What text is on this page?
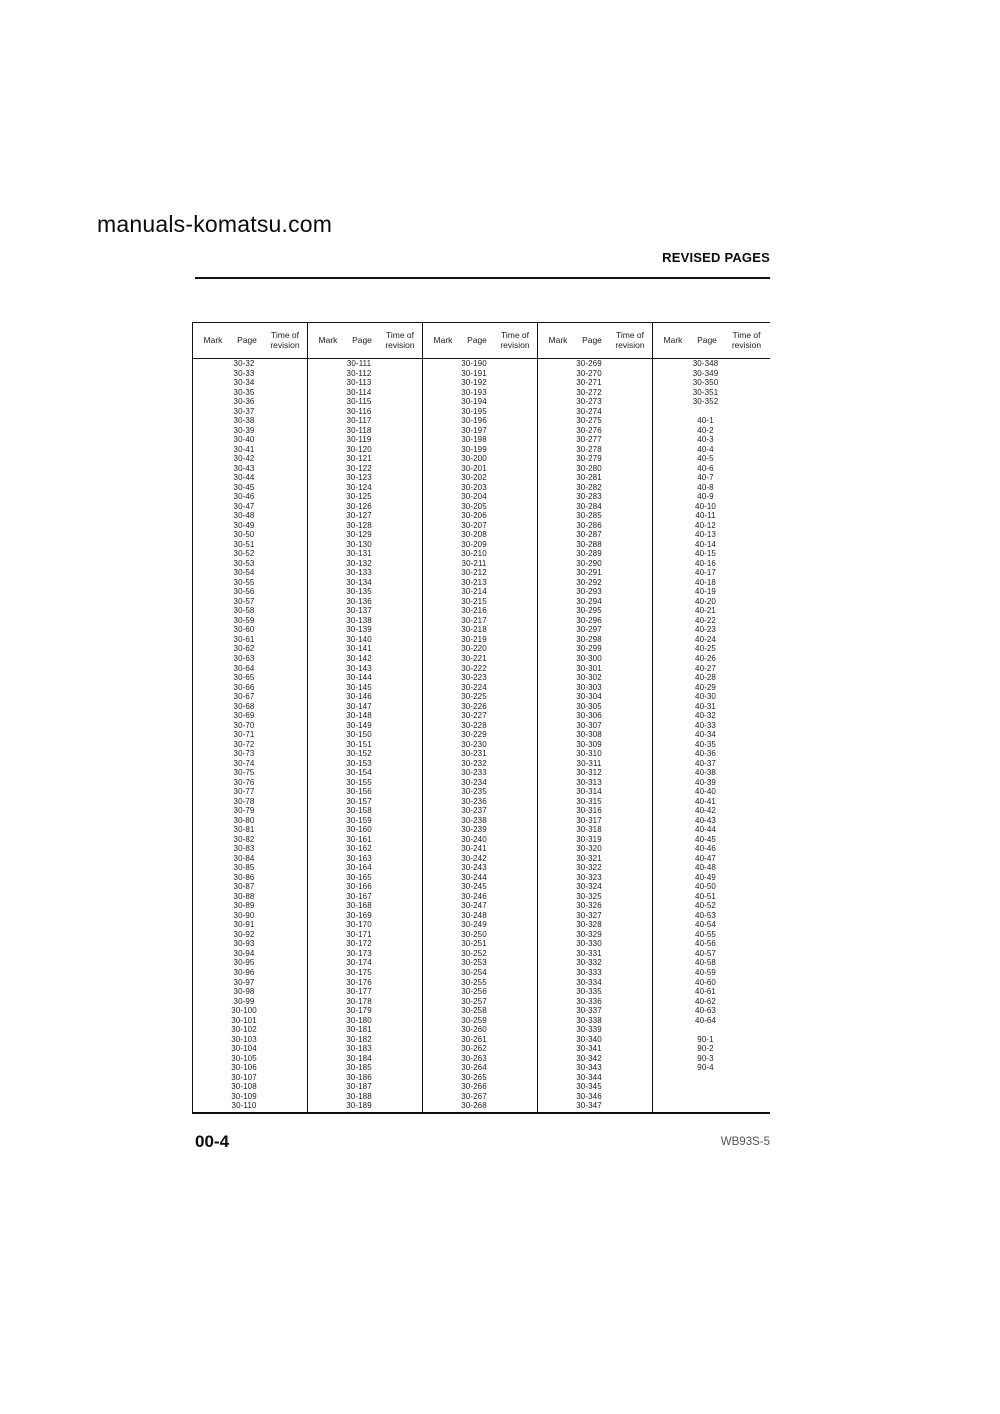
manuals-komatsu.com
REVISED PAGES
Mark	Page	Time of revision
30-32
30-33
30-34
30-35
30-36
30-37
30-38
30-39
30-40
30-41
30-42
30-43
30-44
30-45
30-46
30-47
30-48
30-49
30-50
30-51
30-52
30-53
30-54
30-55
30-56
30-57
30-58
30-59
30-60
30-61
30-62
30-63
30-64
30-65
30-66
30-67
30-68
30-69
30-70
30-71
30-72
30-73
30-74
30-75
30-76
30-77
30-78
30-79
30-80
30-81
30-82
30-83
30-84
30-85
30-86
30-87
30-88
30-89
30-90
30-91
30-92
30-93
30-94
30-95
30-96
30-97
30-98
30-99
30-100
30-101
30-102
30-103
30-104
30-105
30-106
30-107
30-108
30-109
30-110
Mark	Page	Time of revision
30-111
30-112
30-113
30-114
30-115
30-116
30-117
30-118
30-119
30-120
30-121
30-122
30-123
30-124
30-125
30-126
30-127
30-128
30-129
30-130
30-131
30-132
30-133
30-134
30-135
30-136
30-137
30-138
30-139
30-140
30-141
30-142
30-143
30-144
30-145
30-146
30-147
30-148
30-149
30-150
30-151
30-152
30-153
30-154
30-155
30-156
30-157
30-158
30-159
30-160
30-161
30-162
30-163
30-164
30-165
30-166
30-167
30-168
30-169
30-170
30-171
30-172
30-173
30-174
30-175
30-176
30-177
30-178
30-179
30-180
30-181
30-182
30-183
30-184
30-185
30-186
30-187
30-188
30-189
Mark	Page	Time of revision
30-190
30-191
30-192
30-193
30-194
30-195
30-196
30-197
30-198
30-199
30-200
30-201
30-202
30-203
30-204
30-205
30-206
30-207
30-208
30-209
30-210
30-211
30-212
30-213
30-214
30-215
30-216
30-217
30-218
30-219
30-220
30-221
30-222
30-223
30-224
30-225
30-226
30-227
30-228
30-229
30-230
30-231
30-232
30-233
30-234
30-235
30-236
30-237
30-238
30-239
30-240
30-241
30-242
30-243
30-244
30-245
30-246
30-247
30-248
30-249
30-250
30-251
30-252
30-253
30-254
30-255
30-256
30-257
30-258
30-259
30-260
30-261
30-262
30-263
30-264
30-265
30-266
30-267
30-268
Mark	Page	Time of revision
30-269
30-270
30-271
30-272
30-273
30-274
30-275
30-276
30-277
30-278
30-279
30-280
30-281
30-282
30-283
30-284
30-285
30-286
30-287
30-288
30-289
30-290
30-291
30-292
30-293
30-294
30-295
30-296
30-297
30-298
30-299
30-300
30-301
30-302
30-303
30-304
30-305
30-306
30-307
30-308
30-309
30-310
30-311
30-312
30-313
30-314
30-315
30-316
30-317
30-318
30-319
30-320
30-321
30-322
30-323
30-324
30-325
30-326
30-327
30-328
30-329
30-330
30-331
30-332
30-333
30-334
30-335
30-336
30-337
30-338
30-339
30-340
30-341
30-342
30-343
30-344
30-345
30-346
30-347
Mark	Page	Time of revision
30-348
30-349
30-350
30-351
30-352
40-1
40-2
40-3
40-4
40-5
40-6
40-7
40-8
40-9
40-10
40-11
40-12
40-13
40-14
40-15
40-16
40-17
40-18
40-19
40-20
40-21
40-22
40-23
40-24
40-25
40-26
40-27
40-28
40-29
40-30
40-31
40-32
40-33
40-34
40-35
40-36
40-37
40-38
40-39
40-40
40-41
40-42
40-43
40-44
40-45
40-46
40-47
40-48
40-49
40-50
40-51
40-52
40-53
40-54
40-55
40-56
40-57
40-58
40-59
40-60
40-61
40-62
40-63
40-64
90-1
90-2
90-3
90-4
00-4	WB93S-5
